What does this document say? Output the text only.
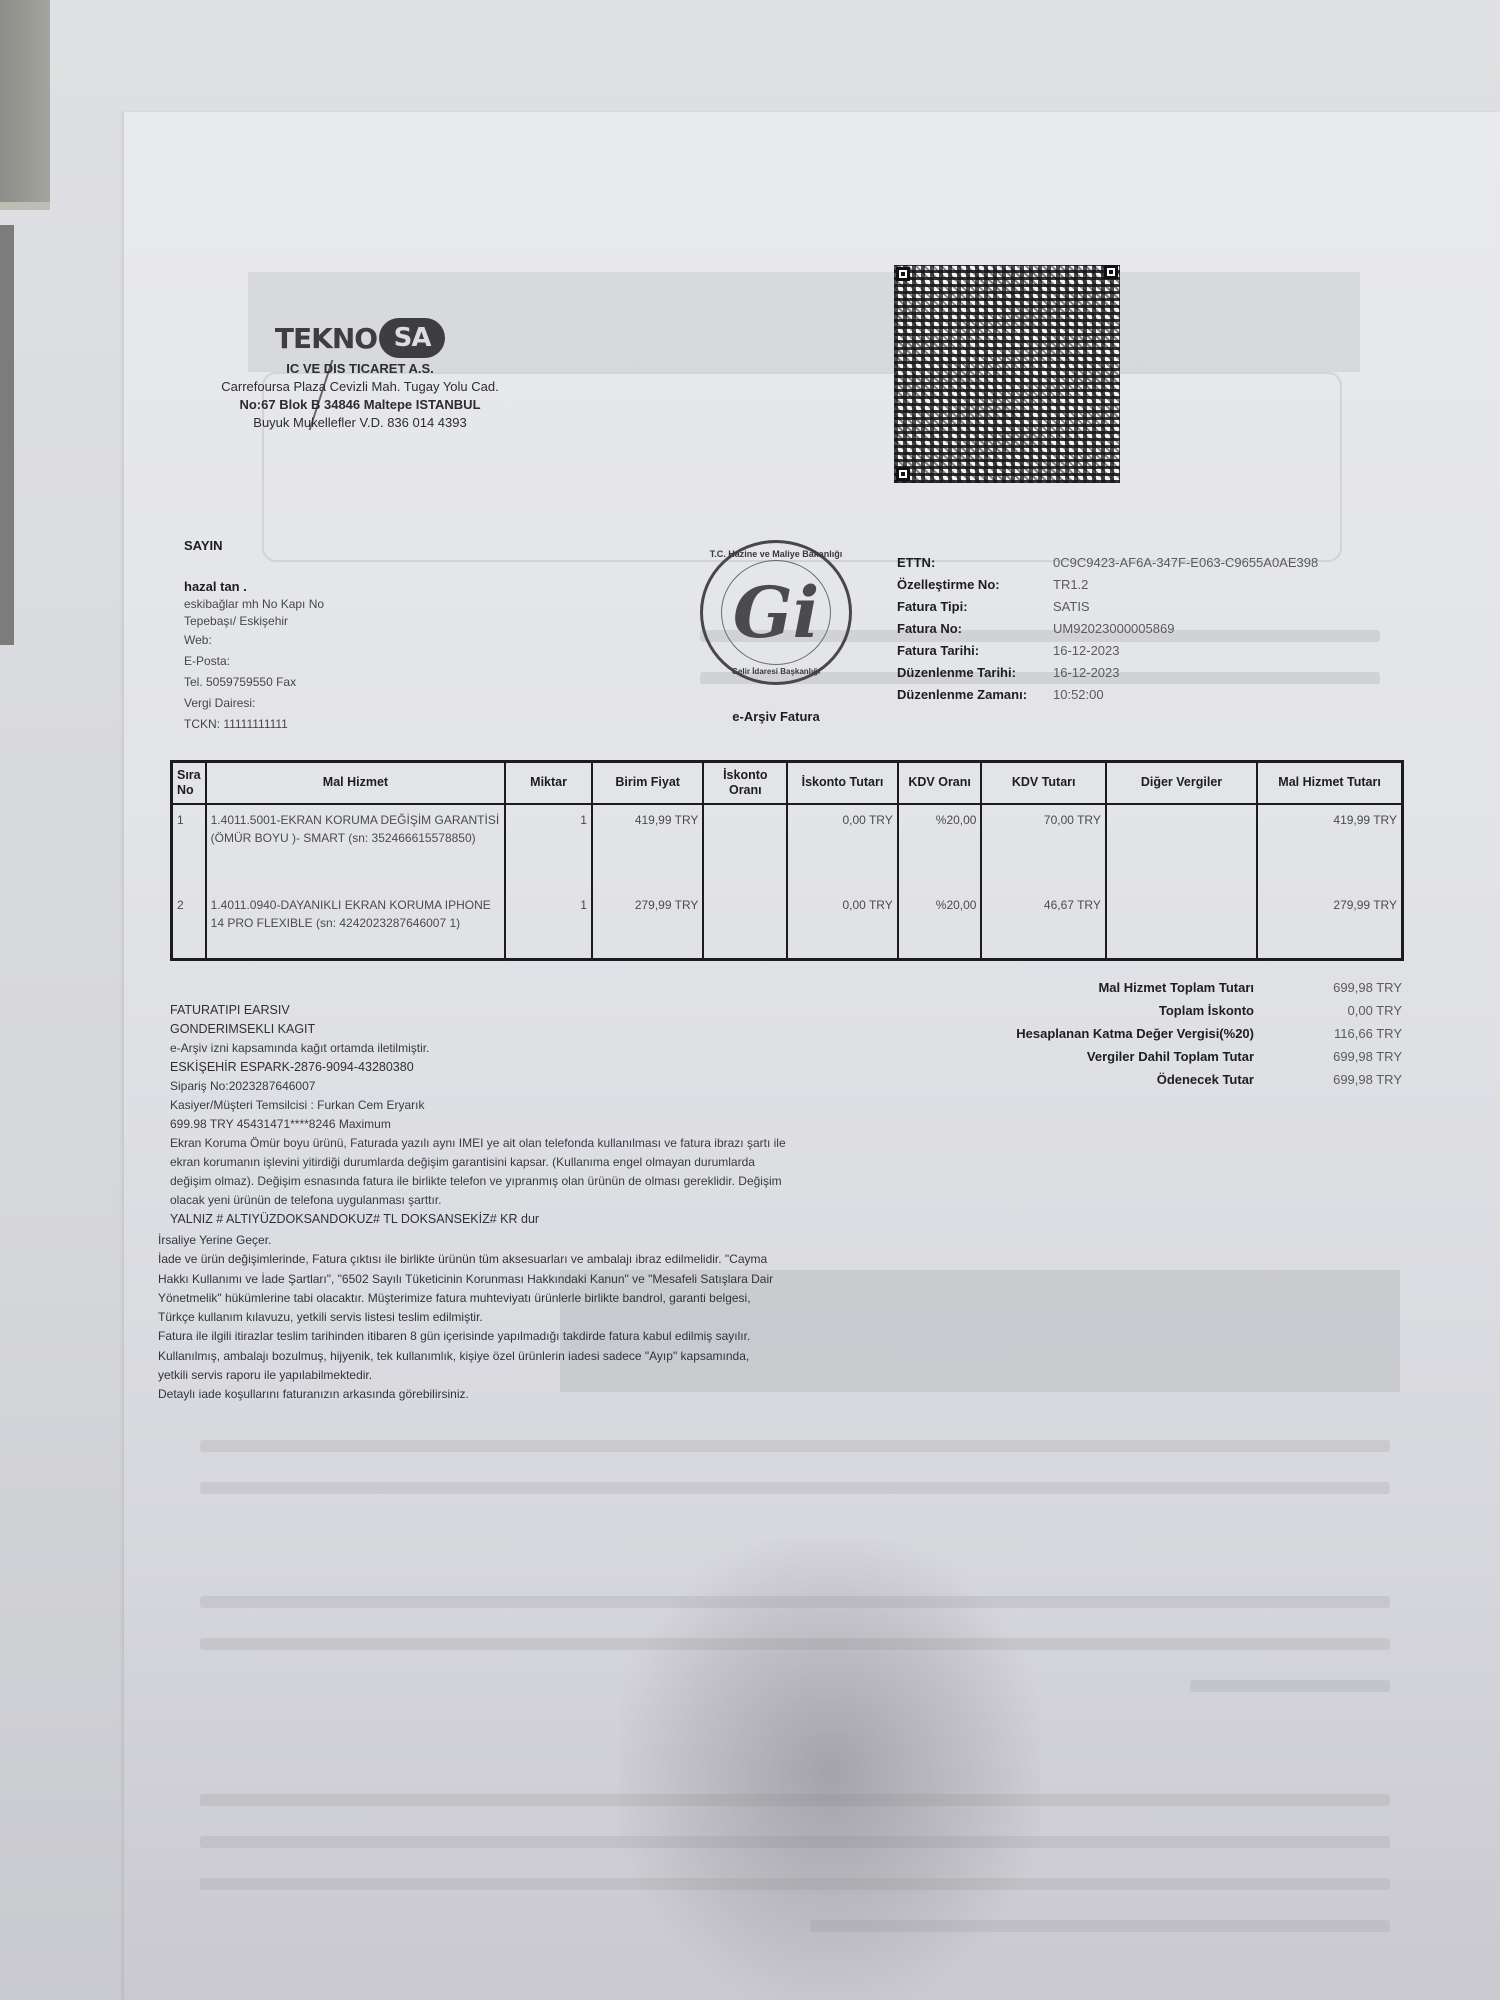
TEKNO SA
IC VE DIS TICARET A.S.
Carrefoursa Plaza Cevizli Mah. Tugay Yolu Cad.
No:67 Blok B 34846 Maltepe ISTANBUL
Buyuk Mukellefler V.D. 836 014 4393
SAYIN
hazal tan .
eskibağlar mh No Kapı No
Tepebaşı/ Eskişehir
Web:
E-Posta:
Tel. 5059759550 Fax
Vergi Dairesi:
TCKN: 11111111111
T.C. Hazine ve Maliye Bakanlığı
Gi
Gelir İdaresi Başkanlığı
e-Arşiv Fatura
ETTN:	0C9C9423-AF6A-347F-E063-C9655A0AE398
Özelleştirme No:	TR1.2
Fatura Tipi:	SATIS
Fatura No:	UM92023000005869
Fatura Tarihi:	16-12-2023
Düzenlenme Tarihi:	16-12-2023
Düzenlenme Zamanı:	10:52:00
Sıra No	Mal Hizmet	Miktar	Birim Fiyat	İskonto Oranı	İskonto Tutarı	KDV Oranı	KDV Tutarı	Diğer Vergiler	Mal Hizmet Tutarı
1	1.4011.5001-EKRAN KORUMA DEĞİŞİM GARANTİSİ (ÖMÜR BOYU )- SMART (sn: 352466615578850)	1	419,99 TRY		0,00 TRY	%20,00	70,00 TRY		419,99 TRY
2	1.4011.0940-DAYANIKLI EKRAN KORUMA IPHONE 14 PRO FLEXIBLE (sn: 4242023287646007 1)	1	279,99 TRY		0,00 TRY	%20,00	46,67 TRY		279,99 TRY
Mal Hizmet Toplam Tutarı	699,98 TRY
Toplam İskonto	0,00 TRY
Hesaplanan Katma Değer Vergisi(%20)	116,66 TRY
Vergiler Dahil Toplam Tutar	699,98 TRY
Ödenecek Tutar	699,98 TRY
FATURATIPI EARSIV
GONDERIMSEKLI KAGIT
e-Arşiv izni kapsamında kağıt ortamda iletilmiştir.
ESKİŞEHİR ESPARK-2876-9094-43280380
Sipariş No:2023287646007
Kasiyer/Müşteri Temsilcisi : Furkan Cem Eryarık
699.98 TRY 45431471****8246 Maximum
Ekran Koruma Ömür boyu ürünü, Faturada yazılı aynı IMEI ye ait olan telefonda kullanılması ve fatura ibrazı şartı ile
ekran korumanın işlevini yitirdiği durumlarda değişim garantisini kapsar. (Kullanıma engel olmayan durumlarda
değişim olmaz). Değişim esnasında fatura ile birlikte telefon ve yıpranmış olan ürünün de olması gereklidir. Değişim
olacak yeni ürünün de telefona uygulanması şarttır.
YALNIZ # ALTIYÜZDOKSANDOKUZ# TL DOKSANSEKİZ# KR dur
İrsaliye Yerine Geçer.
İade ve ürün değişimlerinde, Fatura çıktısı ile birlikte ürünün tüm aksesuarları ve ambalajı ibraz edilmelidir. "Cayma
Hakkı Kullanımı ve İade Şartları", "6502 Sayılı Tüketicinin Korunması Hakkındaki Kanun" ve "Mesafeli Satışlara Dair
Yönetmelik" hükümlerine tabi olacaktır. Müşterimize fatura muhteviyatı ürünlerle birlikte bandrol, garanti belgesi,
Türkçe kullanım kılavuzu, yetkili servis listesi teslim edilmiştir.
Fatura ile ilgili itirazlar teslim tarihinden itibaren 8 gün içerisinde yapılmadığı takdirde fatura kabul edilmiş sayılır.
Kullanılmış, ambalajı bozulmuş, hijyenik, tek kullanımlık, kişiye özel ürünlerin iadesi sadece "Ayıp" kapsamında,
yetkili servis raporu ile yapılabilmektedir.
Detaylı iade koşullarını faturanızın arkasında görebilirsiniz.
